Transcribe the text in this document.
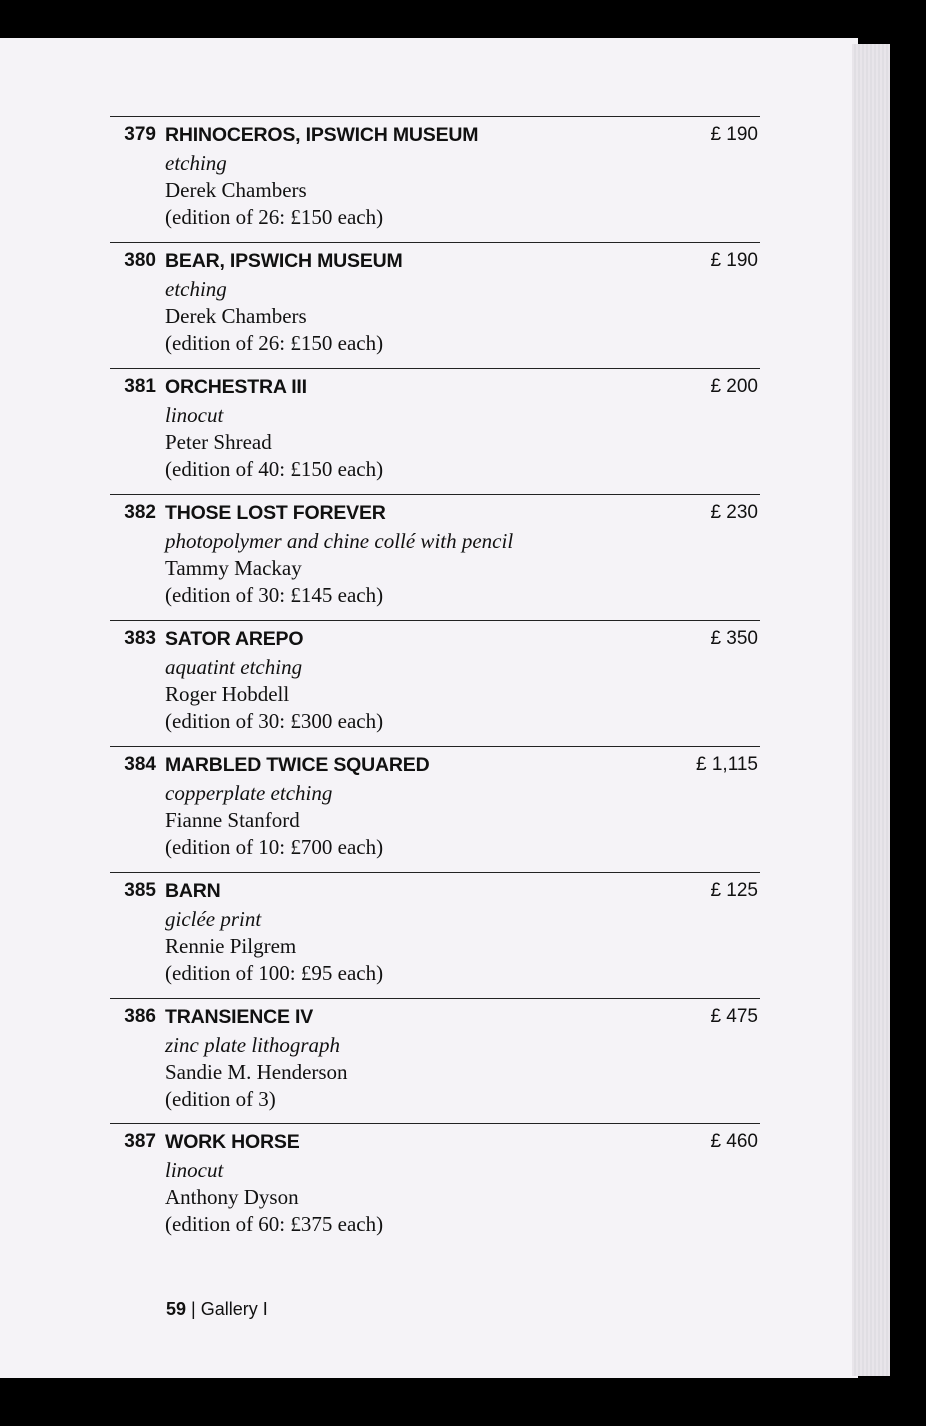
379 RHINOCEROS, IPSWICH MUSEUM	£ 190
etching
Derek Chambers
(edition of 26: £150 each)
380 BEAR, IPSWICH MUSEUM	£ 190
etching
Derek Chambers
(edition of 26: £150 each)
381 ORCHESTRA III	£ 200
linocut
Peter Shread
(edition of 40: £150 each)
382 THOSE LOST FOREVER	£ 230
photopolymer and chine collé with pencil
Tammy Mackay
(edition of 30: £145 each)
383 SATOR AREPO	£ 350
aquatint etching
Roger Hobdell
(edition of 30: £300 each)
384 MARBLED TWICE SQUARED	£ 1,115
copperplate etching
Fianne Stanford
(edition of 10: £700 each)
385 BARN	£ 125
giclée print
Rennie Pilgrem
(edition of 100: £95 each)
386 TRANSIENCE IV	£ 475
zinc plate lithograph
Sandie M. Henderson
(edition of 3)
387 WORK HORSE	£ 460
linocut
Anthony Dyson
(edition of 60: £375 each)
59 | Gallery I
